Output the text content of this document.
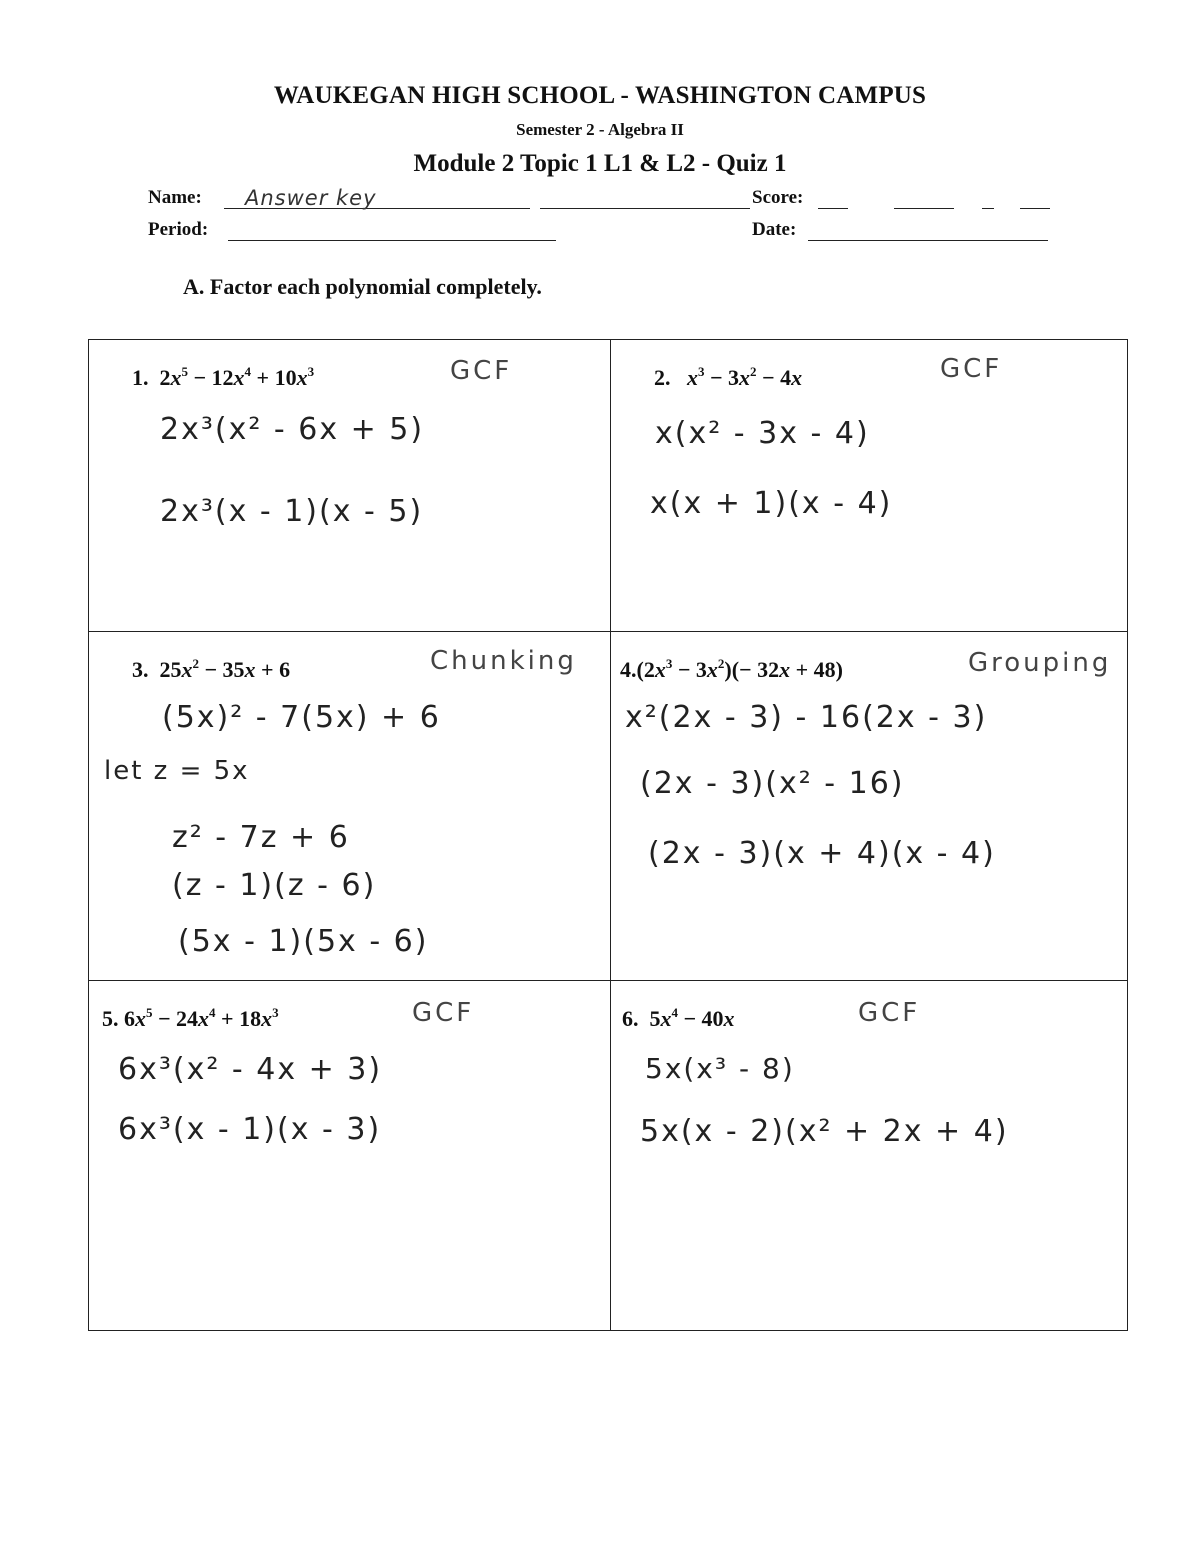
WAUKEGAN HIGH SCHOOL - WASHINGTON CAMPUS
Semester 2 - Algebra II
Module 2 Topic 1 L1 & L2 - Quiz 1
Name: Answer key	Score:
Period:	Date:
A. Factor each polynomial completely.
1. $2x^5 - 12x^4 + 10x^3$	GCF
2x³(x² - 6x + 5)
2x³(x - 1)(x - 5)
2. $x^3 - 3x^2 - 4x$	GCF
x(x² - 3x - 4)
x(x + 1)(x - 4)
3. $25x^2 - 35x + 6$	Chunking
(5x)² - 7(5x) + 6
let z = 5x
z² - 7z + 6
(z - 1)(z - 6)
(5x - 1)(5x - 6)
$4.(2x^3 - 3x^2)(- 32x + 48)$	Grouping
x²(2x - 3) - 16(2x - 3)
(2x - 3)(x² - 16)
(2x - 3)(x + 4)(x - 4)
5. $6x^5 - 24x^4 + 18x^3$	GCF
6x³(x² - 4x + 3)
6x³(x - 1)(x - 3)
6. $5x^4 - 40x$	GCF
5x(x³ - 8)
5x(x - 2)(x² + 2x + 4)
